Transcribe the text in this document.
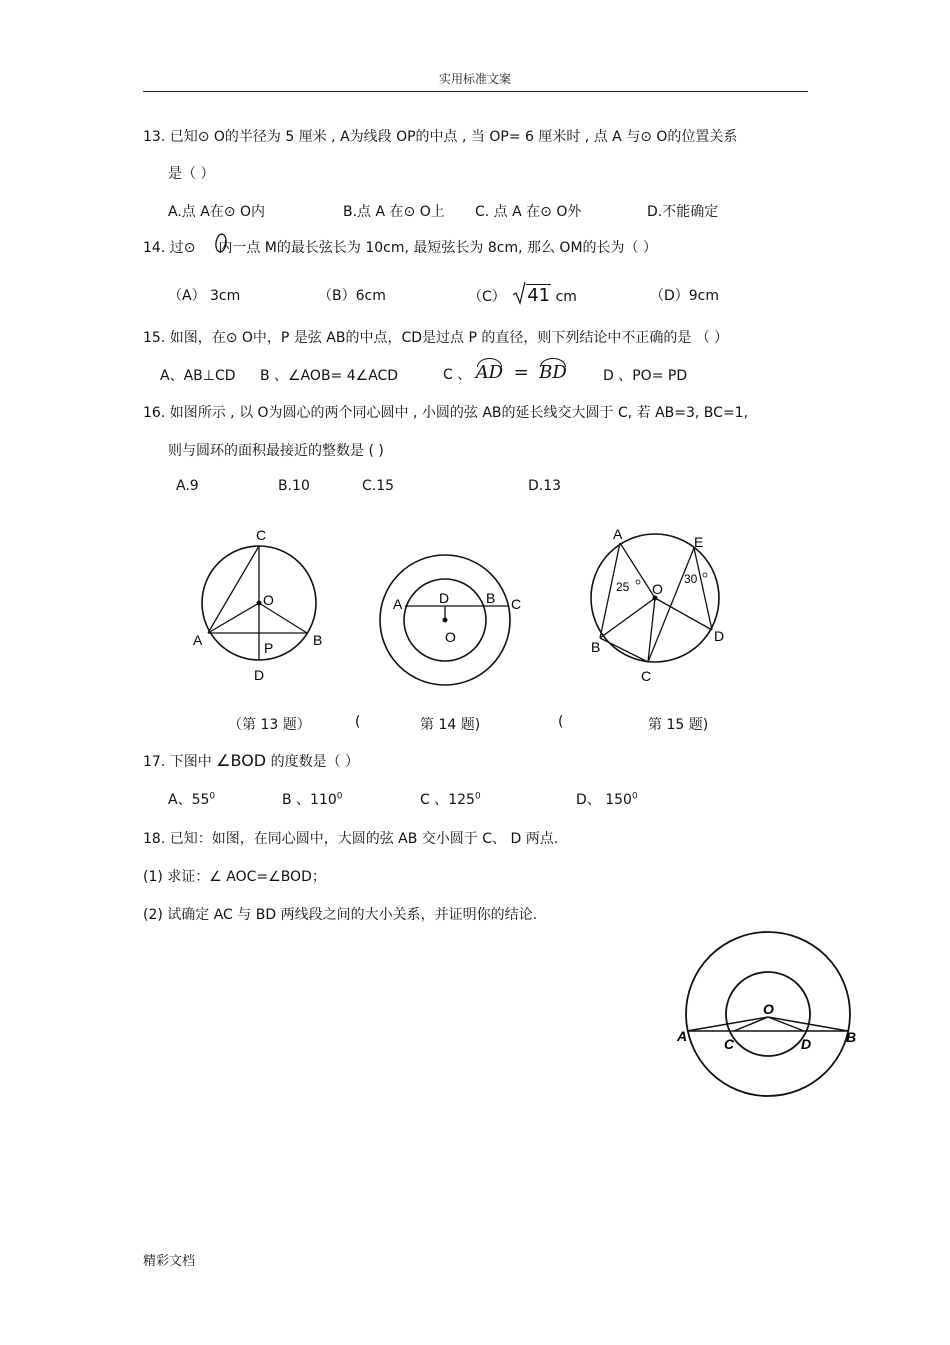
实用标准文案
13. 已知⊙ O的半径为 5 厘米 , A为线段 OP的中点 , 当 OP= 6 厘米时 , 点 A 与⊙ O的位置关系
是（ ）
A.点 A在⊙ O内	B.点 A 在⊙ O上 C. 点 A 在⊙ O外	D.不能确定
14. 过⊙   内一点 M的最长弦长为 10cm, 最短弦长为 8cm, 那么 OM的长为（ ）
（A） 3cm	（B）6cm	（C） 41 cm	（D）9cm
15. 如图，在⊙ O中，P 是弦 AB的中点，CD是过点 P 的直径，则下列结论中不正确的是 （ ）
A、AB⊥CD B 、∠AOB= 4∠ACD	C 、 AD = BD	D 、PO= PD
16. 如图所示 , 以 O为圆心的两个同心圆中 , 小圆的弦 AB的延长线交大圆于 C, 若 AB=3, BC=1,
则与圆环的面积最接近的整数是 ( )
A.9	B.10	C.15	D.13
C
O
A	B
P
D
A	D	B C
O
A	E
O
25
30
B
D
C
（第 13 题）	(	第 14 题)	(	第 15 题)
17. 下图中 ∠BOD 的度数是（ ）
A、$55^0$	B 、$110^0$	C 、$125^0$	D、 $150^0$
18. 已知：如图，在同心圆中，大圆的弦 AB 交小圆于 C、 D 两点.
(1) 求证：∠ AOC=∠BOD；
(2) 试确定 AC 与 BD 两线段之间的大小关系，并证明你的结论.
O
A	C	D B
精彩文档
